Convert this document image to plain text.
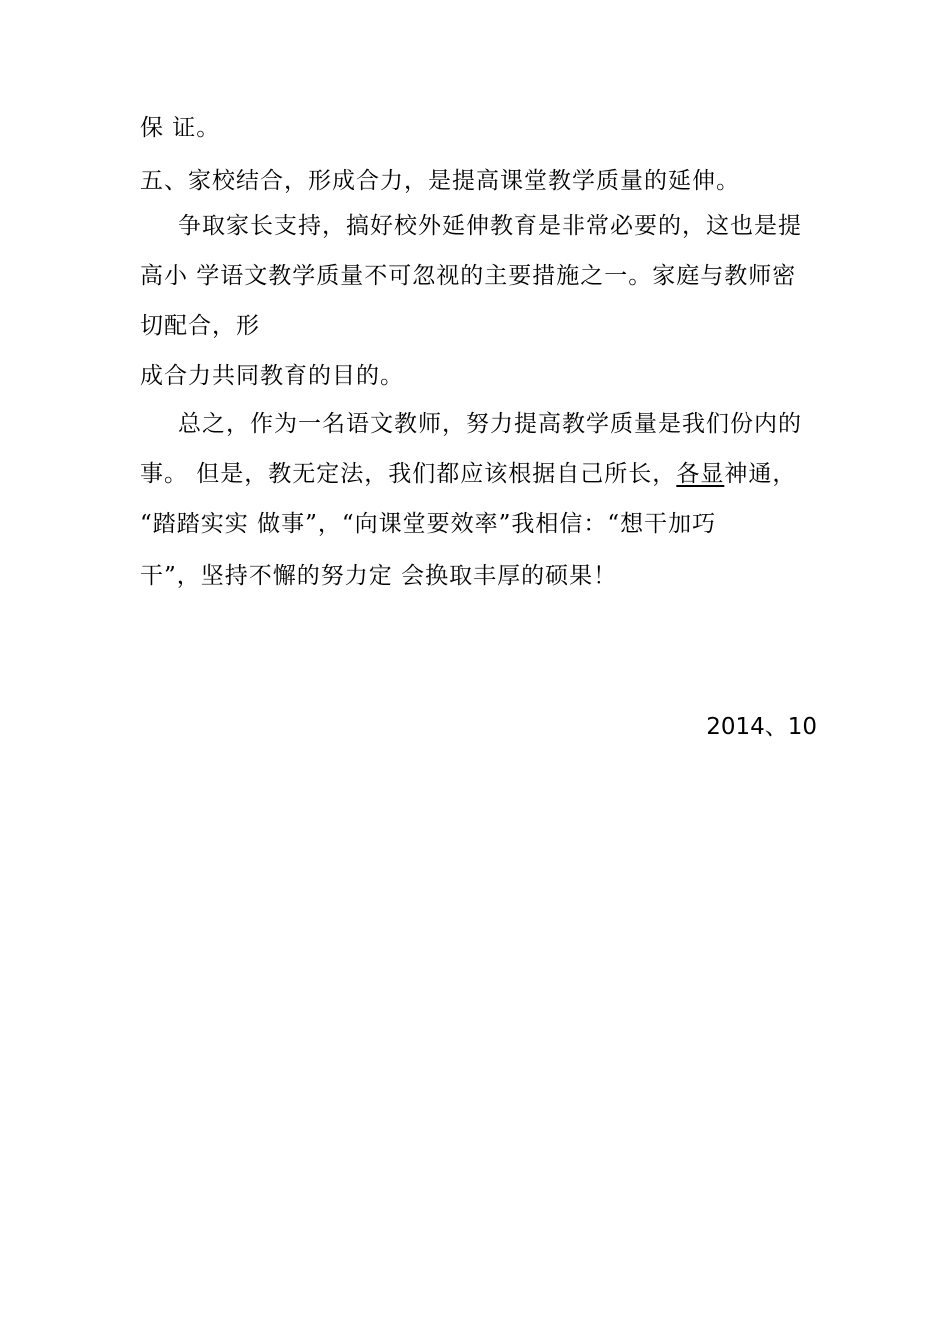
保 证。
五、家校结合，形成合力，是提高课堂教学质量的延伸。
争取家长支持，搞好校外延伸教育是非常必要的，这也是提
高小 学语文教学质量不可忽视的主要措施之一。家庭与教师密
切配合，形
成合力共同教育的目的。
总之，作为一名语文教师，努力提高教学质量是我们份内的
事。 但是，教无定法，我们都应该根据自己所长，各显神通，
“踏踏实实 做事”，“向课堂要效率”我相信：“想干加巧
干”，坚持不懈的努力定 会换取丰厚的硕果！
2014、10
